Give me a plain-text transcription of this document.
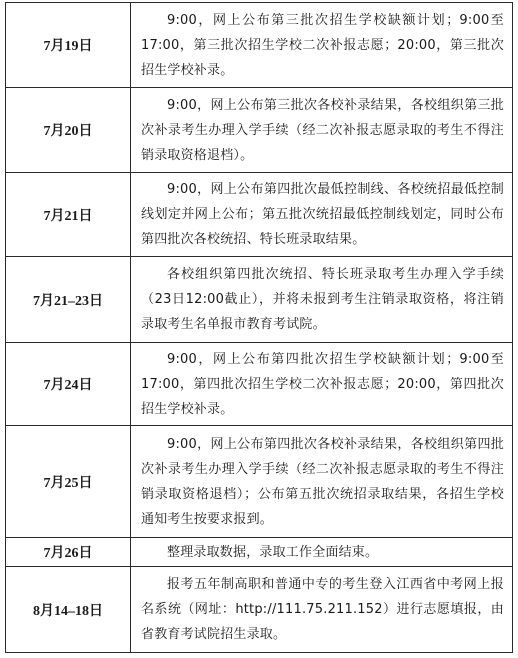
7月19日	9:00，网上公布第三批次招生学校缺额计划；9:00至17:00，第三批次招生学校二次补报志愿；20:00，第三批次招生学校补录。
7月20日	9:00，网上公布第三批次各校补录结果，各校组织第三批次补录考生办理入学手续（经二次补报志愿录取的考生不得注销录取资格退档）。
7月21日	9:00，网上公布第四批次最低控制线、各校统招最低控制线划定并网上公布；第五批次统招最低控制线划定，同时公布第四批次各校统招、特长班录取结果。
7月21–23日	各校组织第四批次统招、特长班录取考生办理入学手续（23日12:00截止），并将未报到考生注销录取资格，将注销录取考生名单报市教育考试院。
7月24日	9:00，网上公布第四批次招生学校缺额计划；9:00至17:00，第四批次招生学校二次补报志愿；20:00，第四批次招生学校补录。
7月25日	9:00，网上公布第四批次各校补录结果，各校组织第四批次补录考生办理入学手续（经二次补报志愿录取的考生不得注销录取资格退档）；公布第五批次统招录取结果，各招生学校通知考生按要求报到。
7月26日	整理录取数据，录取工作全面结束。
8月14–18日	报考五年制高职和普通中专的考生登入江西省中考网上报名系统（网址：http://111.75.211.152）进行志愿填报，由省教育考试院招生录取。
